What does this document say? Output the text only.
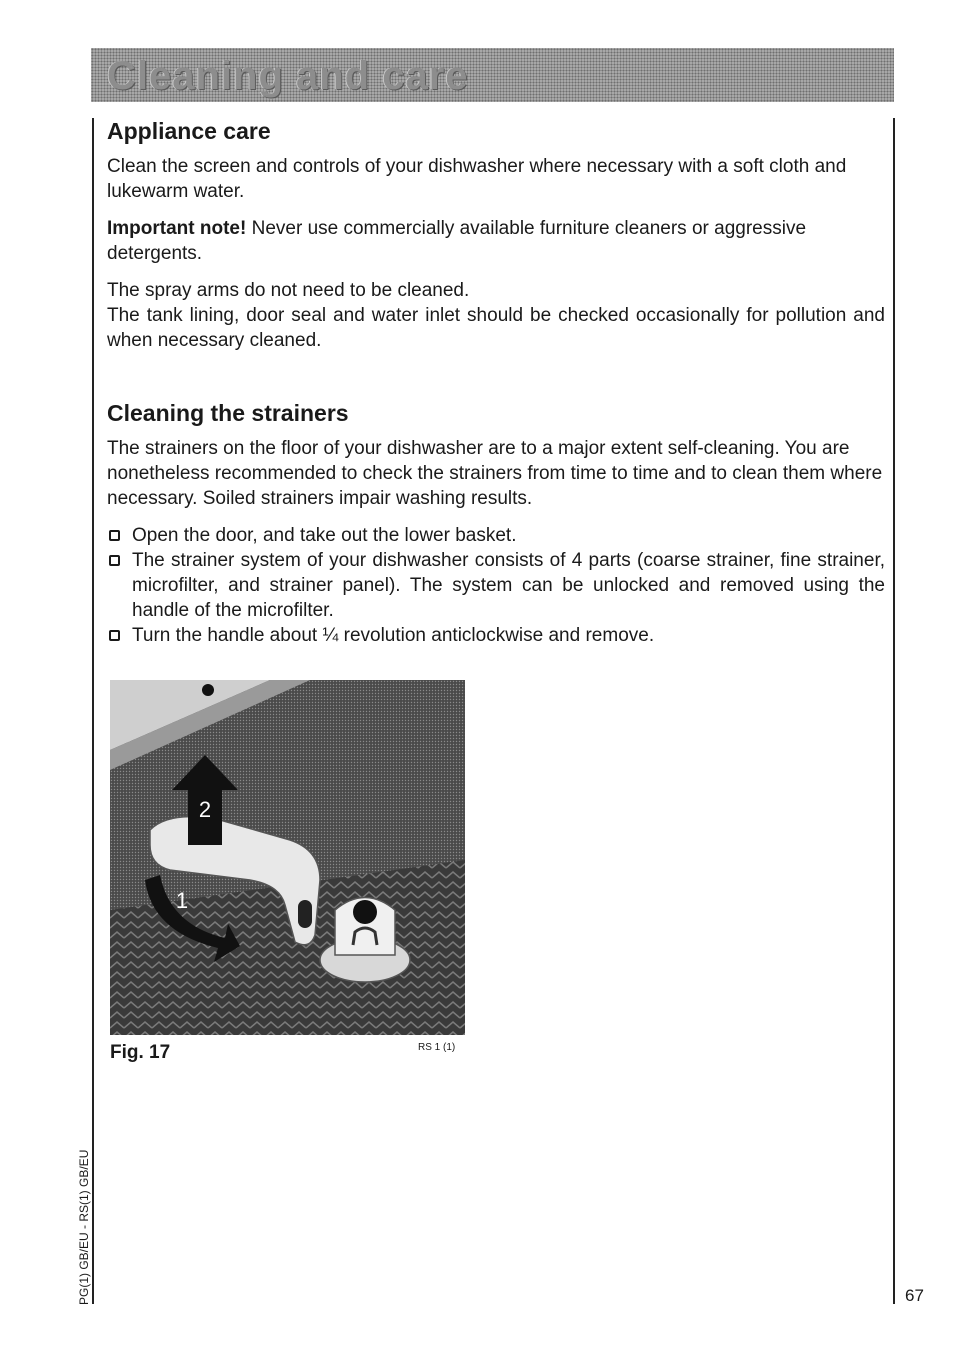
Cleaning and care
Appliance care

Clean the screen and controls of your dishwasher where necessary with a soft cloth and lukewarm water.

Important note! Never use commercially available furniture cleaners or aggressive detergents.

The spray arms do not need to be cleaned.

The tank lining, door seal and water inlet should be checked occasionally for pollution and when necessary cleaned.

Cleaning the strainers

The strainers on the floor of your dishwasher are to a major extent self-cleaning. You are nonetheless recommended to check the strainers from time to time and to clean them where necessary. Soiled strainers impair washing results.

Open the door, and take out the lower basket.
The strainer system of your dishwasher consists of 4 parts (coarse strainer, fine strainer, microfilter, and strainer panel). The system can be unlocked and removed using the handle of the microfilter.
Turn the handle about ¼ revolution anticlockwise and remove.
2
1
Fig. 17	RS 1 (1)
PG(1) GB/EU - RS(1) GB/EU	67
